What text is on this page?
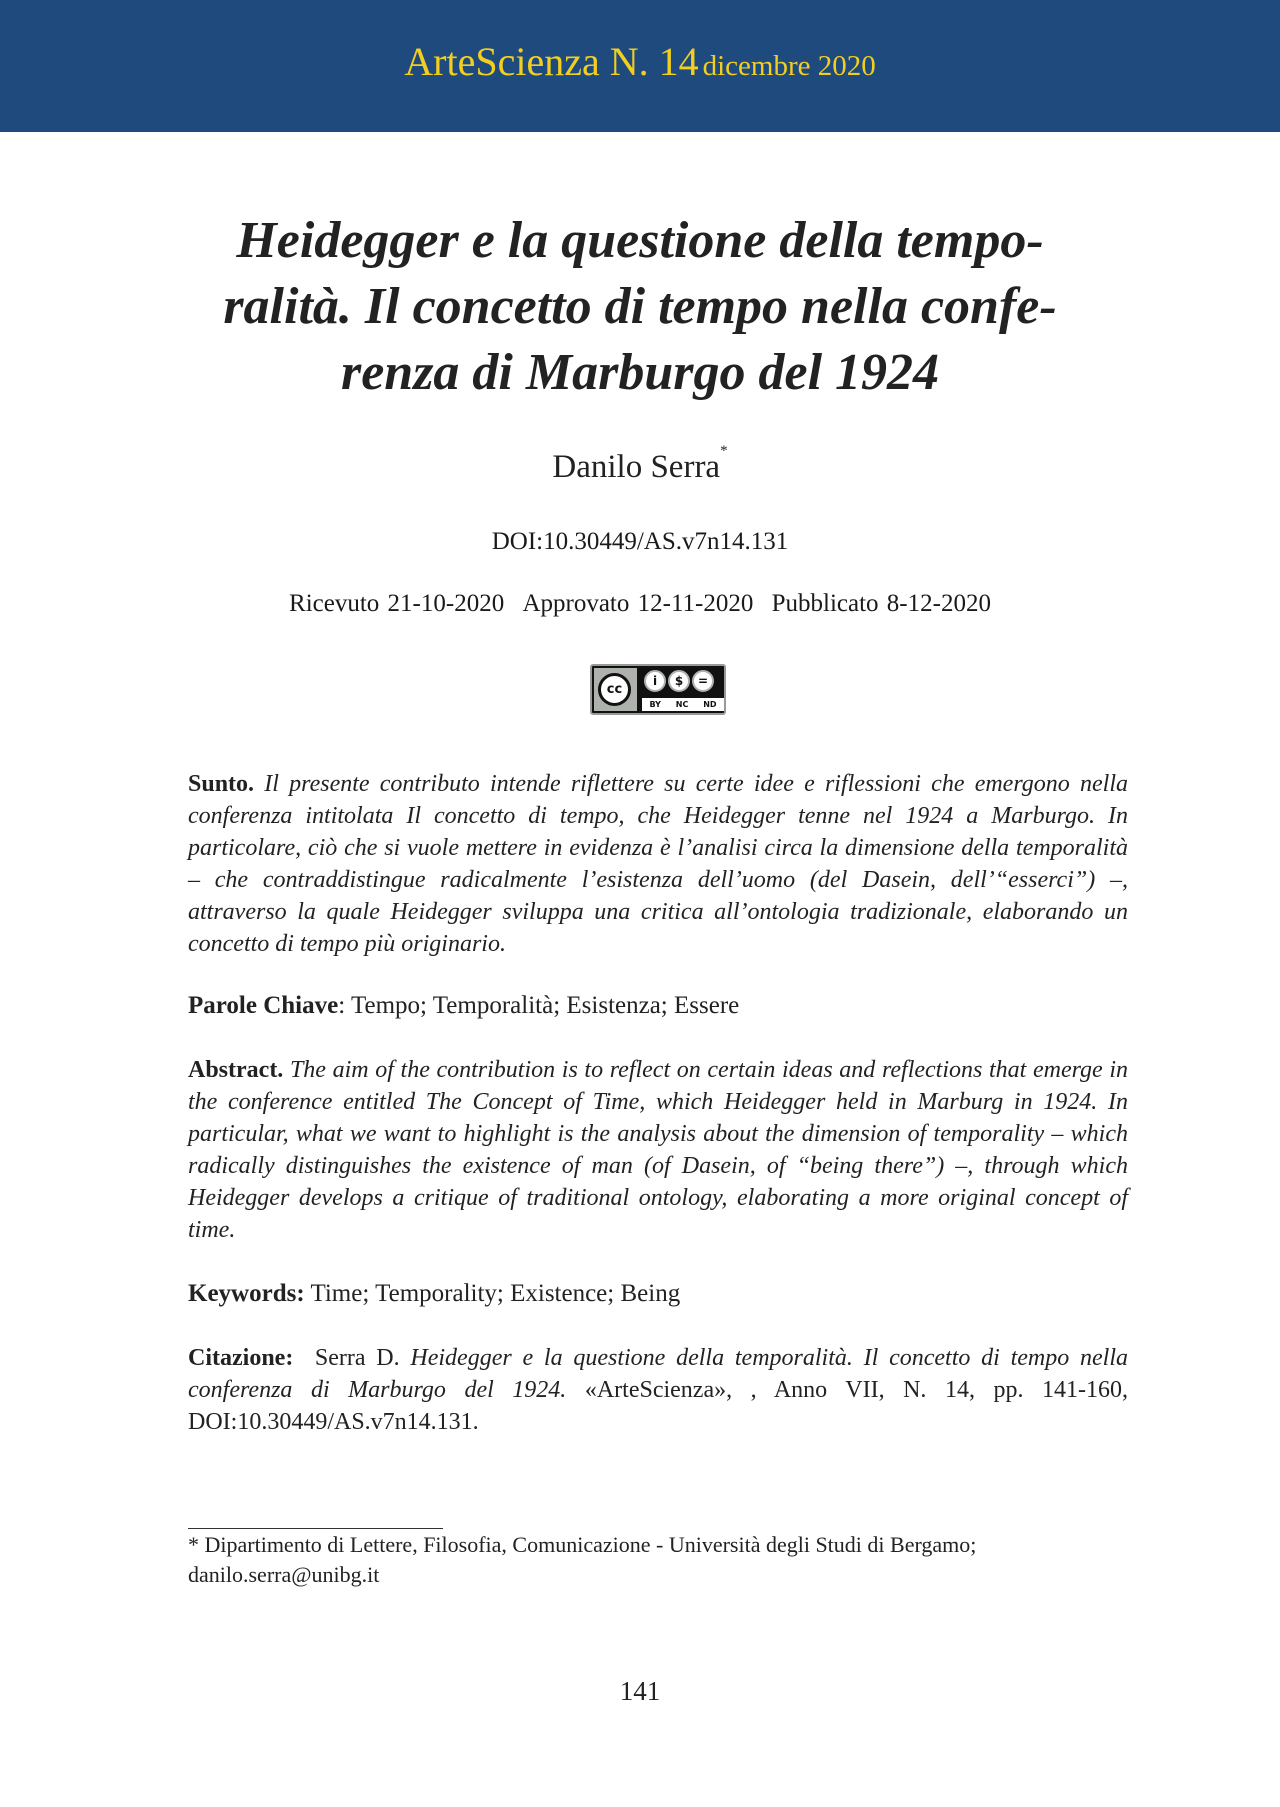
ArteScienza N. 14 dicembre 2020
Heidegger e la questione della tempo-
ralità. Il concetto di tempo nella confe-
renza di Marburgo del 1924
Danilo Serra*
DOI:10.30449/AS.v7n14.131
Ricevuto 21-10-2020 Approvato 12-11-2020 Pubblicato 8-12-2020
cc
i $ =
BY NC ND
Sunto. Il presente contributo intende riflettere su certe idee e riflessioni che emergono nella conferenza intitolata Il concetto di tempo, che Heidegger tenne nel 1924 a Marburgo. In particolare, ciò che si vuole mettere in evidenza è l’analisi circa la dimensione della temporalità – che contraddistingue radicalmente l’esistenza dell’uomo (del Dasein, dell’“esserci”) –, attraverso la quale Heidegger sviluppa una critica all’ontologia tradizionale, elaborando un concetto di tempo più originario.
Parole Chiave: Tempo; Temporalità; Esistenza; Essere
Abstract. The aim of the contribution is to reflect on certain ideas and reflections that emerge in the conference entitled The Concept of Time, which Heidegger held in Marburg in 1924. In particular, what we want to highlight is the analysis about the dimension of temporality – which radically distinguishes the existence of man (of Dasein, of “being there”) –, through which Heidegger develops a critique of traditional ontology, elaborating a more original concept of time.
Keywords: Time; Temporality; Existence; Being
Citazione: Serra D. Heidegger e la questione della temporalità. Il concetto di tempo nella conferenza di Marburgo del 1924. «ArteScienza», , Anno VII, N. 14, pp. 141-160, DOI:10.30449/AS.v7n14.131.
* Dipartimento di Lettere, Filosofia, Comunicazione - Università degli Studi di Bergamo;
danilo.serra@unibg.it
141
